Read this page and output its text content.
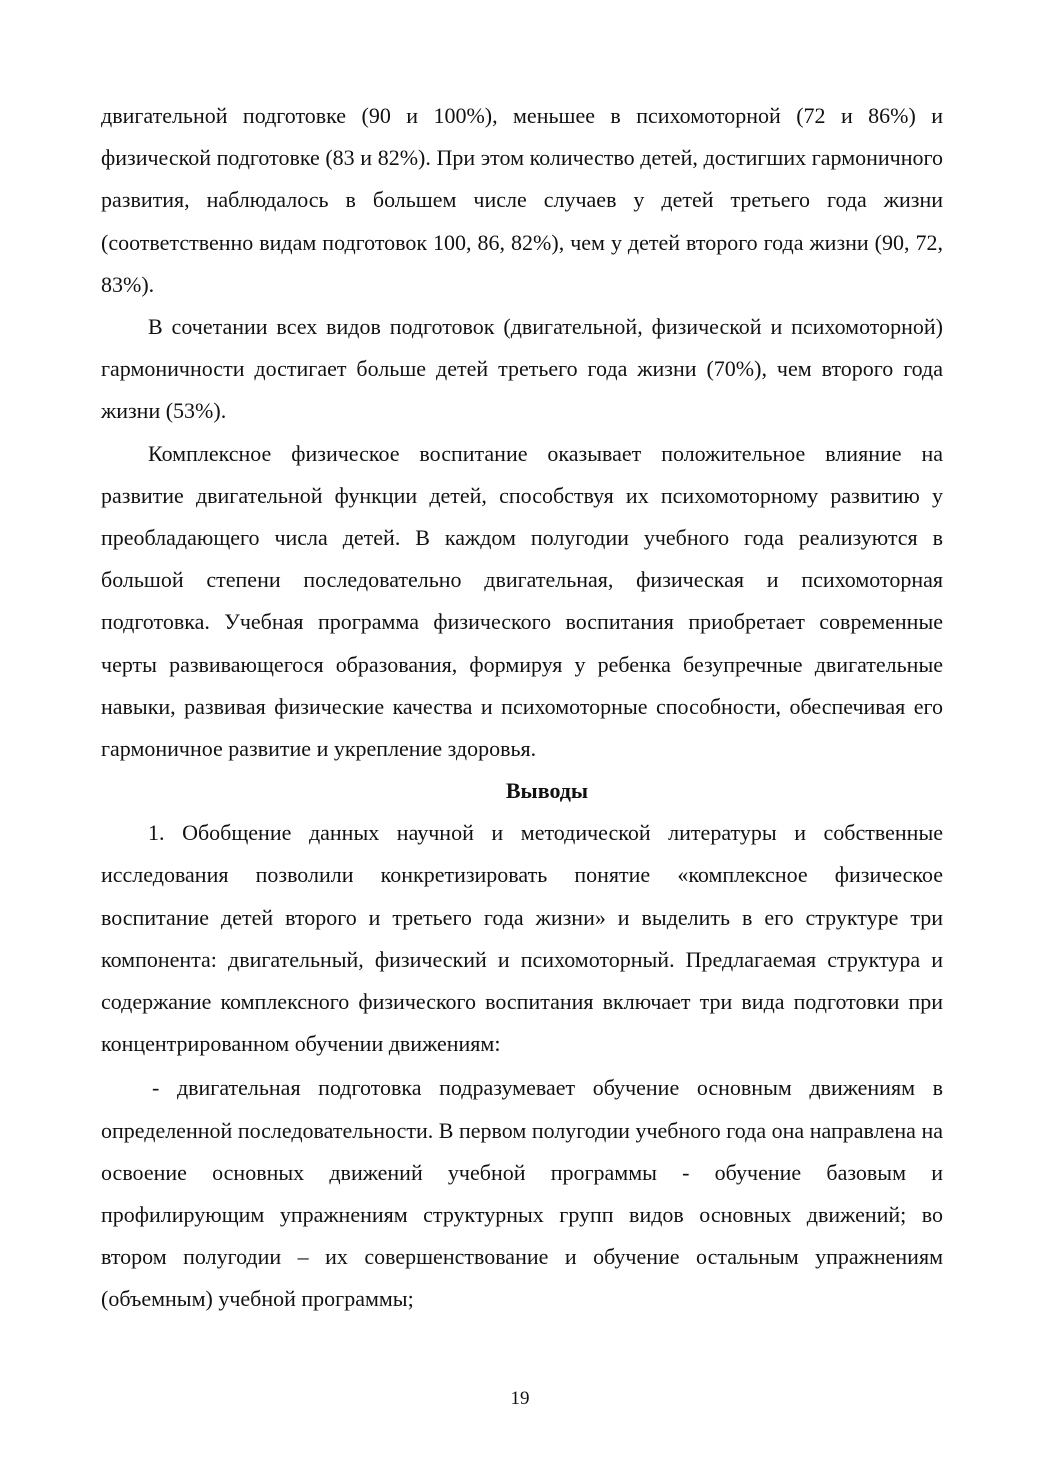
двигательной подготовке (90 и 100%), меньшее в психомоторной (72 и 86%) и физической подготовке (83 и 82%). При этом количество детей, достигших гармоничного развития, наблюдалось в большем числе случаев у детей третьего года жизни (соответственно видам подготовок 100, 86, 82%), чем у детей второго года жизни (90, 72, 83%).

В сочетании всех видов подготовок (двигательной, физической и психомоторной) гармоничности достигает больше детей третьего года жизни (70%), чем второго года жизни (53%).

Комплексное физическое воспитание оказывает положительное влияние на развитие двигательной функции детей, способствуя их психомоторному развитию у преобладающего числа детей. В каждом полугодии учебного года реализуются в большой степени последовательно двигательная, физическая и психомоторная подготовка. Учебная программа физического воспитания приобретает современные черты развивающегося образования, формируя у ребенка безупречные двигательные навыки, развивая физические качества и психомоторные способности, обеспечивая его гармоничное развитие и укрепление здоровья.

Выводы

1. Обобщение данных научной и методической литературы и собственные исследования позволили конкретизировать понятие «комплексное физическое воспитание детей второго и третьего года жизни» и выделить в его структуре три компонента: двигательный, физический и психомоторный. Предлагаемая структура и содержание комплексного физического воспитания включает три вида подготовки при концентрированном обучении движениям:

- двигательная подготовка подразумевает обучение основным движениям в определенной последовательности. В первом полугодии учебного года она направлена на освоение основных движений учебной программы - обучение базовым и профилирующим упражнениям структурных групп видов основных движений; во втором полугодии – их совершенствование и обучение остальным упражнениям (объемным) учебной программы;

19
